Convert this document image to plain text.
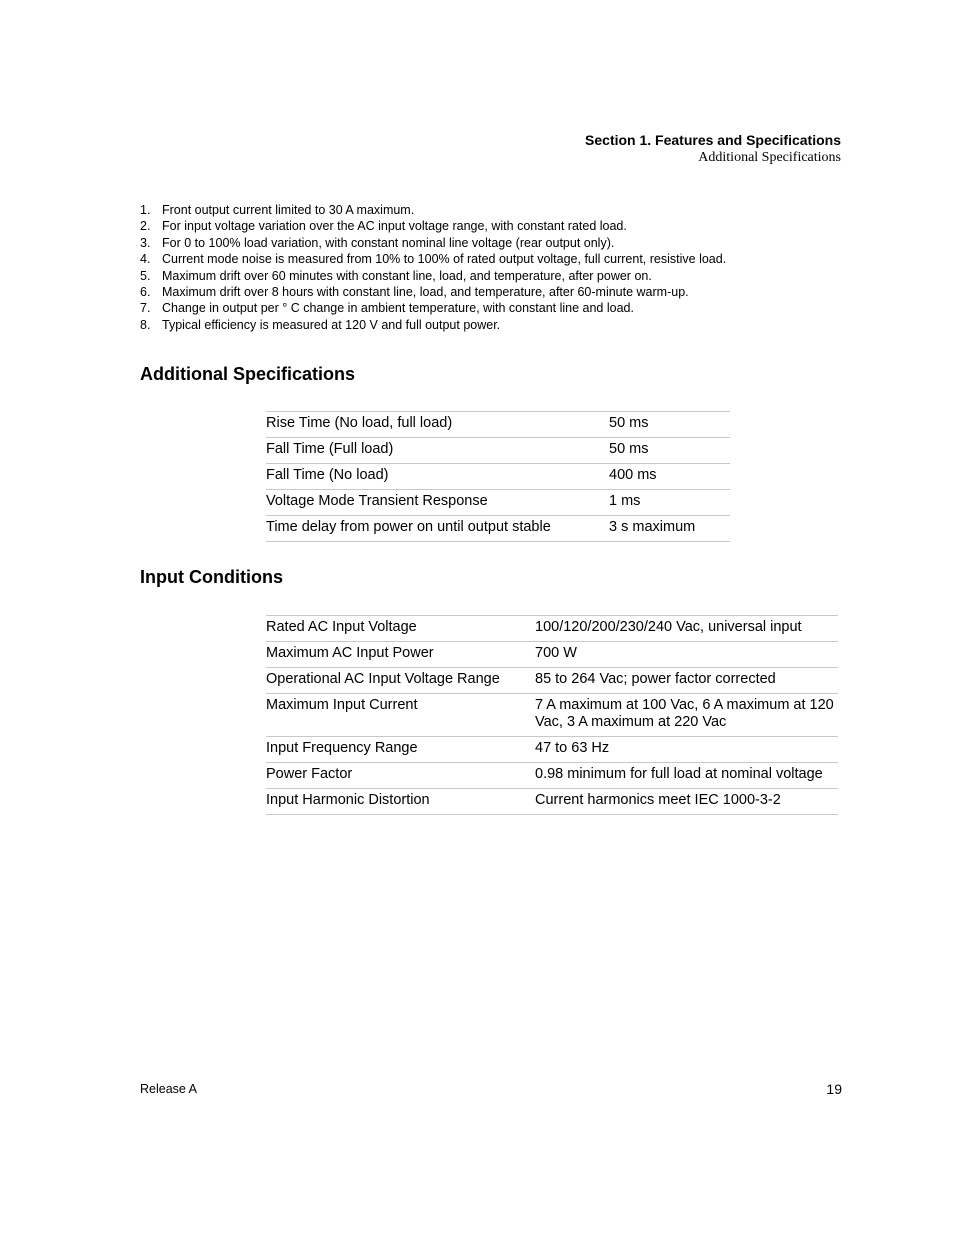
Section 1. Features and Specifications
Additional Specifications
1. Front output current limited to 30 A maximum.
2. For input voltage variation over the AC input voltage range, with constant rated load.
3. For 0 to 100% load variation, with constant nominal line voltage (rear output only).
4. Current mode noise is measured from 10% to 100% of rated output voltage, full current, resistive load.
5. Maximum drift over 60 minutes with constant line, load, and temperature, after power on.
6. Maximum drift over 8 hours with constant line, load, and temperature, after 60-minute warm-up.
7. Change in output per ° C change in ambient temperature, with constant line and load.
8. Typical efficiency is measured at 120 V and full output power.
Additional Specifications
Rise Time (No load, full load)	50 ms

Fall Time (Full load)	50 ms

Fall Time (No load)	400 ms

Voltage Mode Transient Response	1 ms

Time delay from power on until output stable	3 s maximum
Input Conditions
Rated AC Input Voltage	100/120/200/230/240 Vac, universal input

Maximum AC Input Power	700 W

Operational AC Input Voltage Range	85 to 264 Vac; power factor corrected

Maximum Input Current	7 A maximum at 100 Vac, 6 A maximum at 120 Vac, 3 A maximum at 220 Vac

Input Frequency Range	47 to 63 Hz

Power Factor	0.98 minimum for full load at nominal voltage

Input Harmonic Distortion	Current harmonics meet IEC 1000-3-2
Release A	19
